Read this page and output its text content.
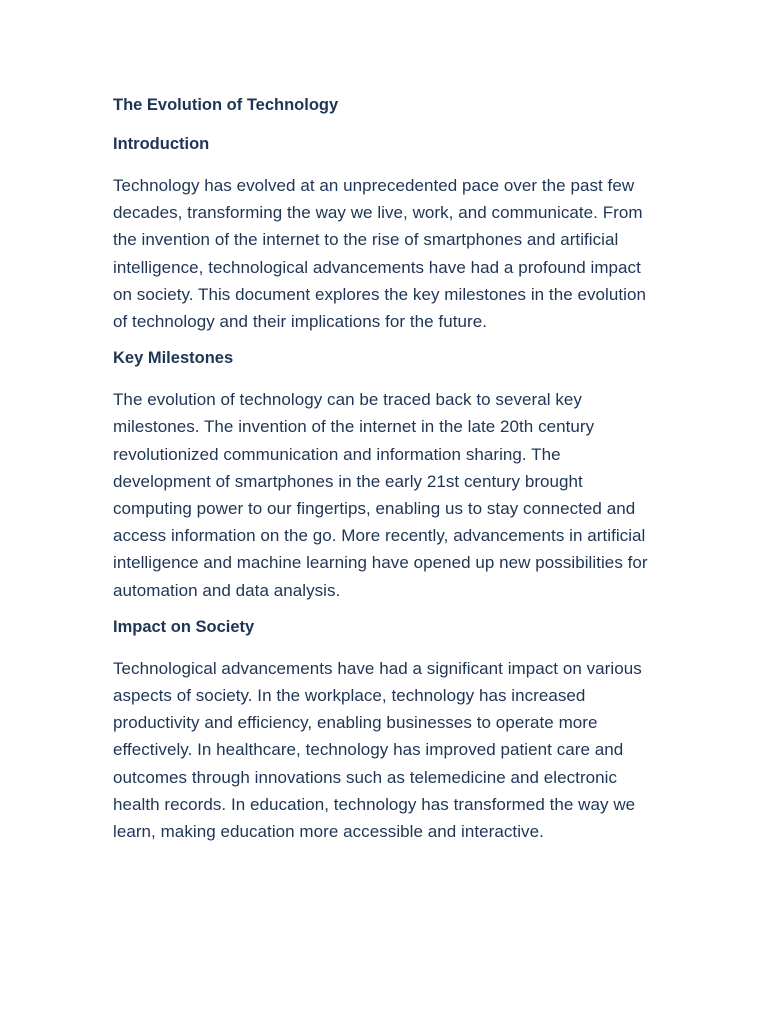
The Evolution of Technology
Introduction

Technology has evolved at an unprecedented pace over the past few decades, transforming the way we live, work, and communicate. From the invention of the internet to the rise of smartphones and artificial intelligence, technological advancements have had a profound impact on society. This document explores the key milestones in the evolution of technology and their implications for the future.

Key Milestones

The evolution of technology can be traced back to several key milestones. The invention of the internet in the late 20th century revolutionized communication and information sharing. The development of smartphones in the early 21st century brought computing power to our fingertips, enabling us to stay connected and access information on the go. More recently, advancements in artificial intelligence and machine learning have opened up new possibilities for automation and data analysis.

Impact on Society

Technological advancements have had a significant impact on various aspects of society. In the workplace, technology has increased productivity and efficiency, enabling businesses to operate more effectively. In healthcare, technology has improved patient care and outcomes through innovations such as telemedicine and electronic health records. In education, technology has transformed the way we learn, making education more accessible and interactive.
